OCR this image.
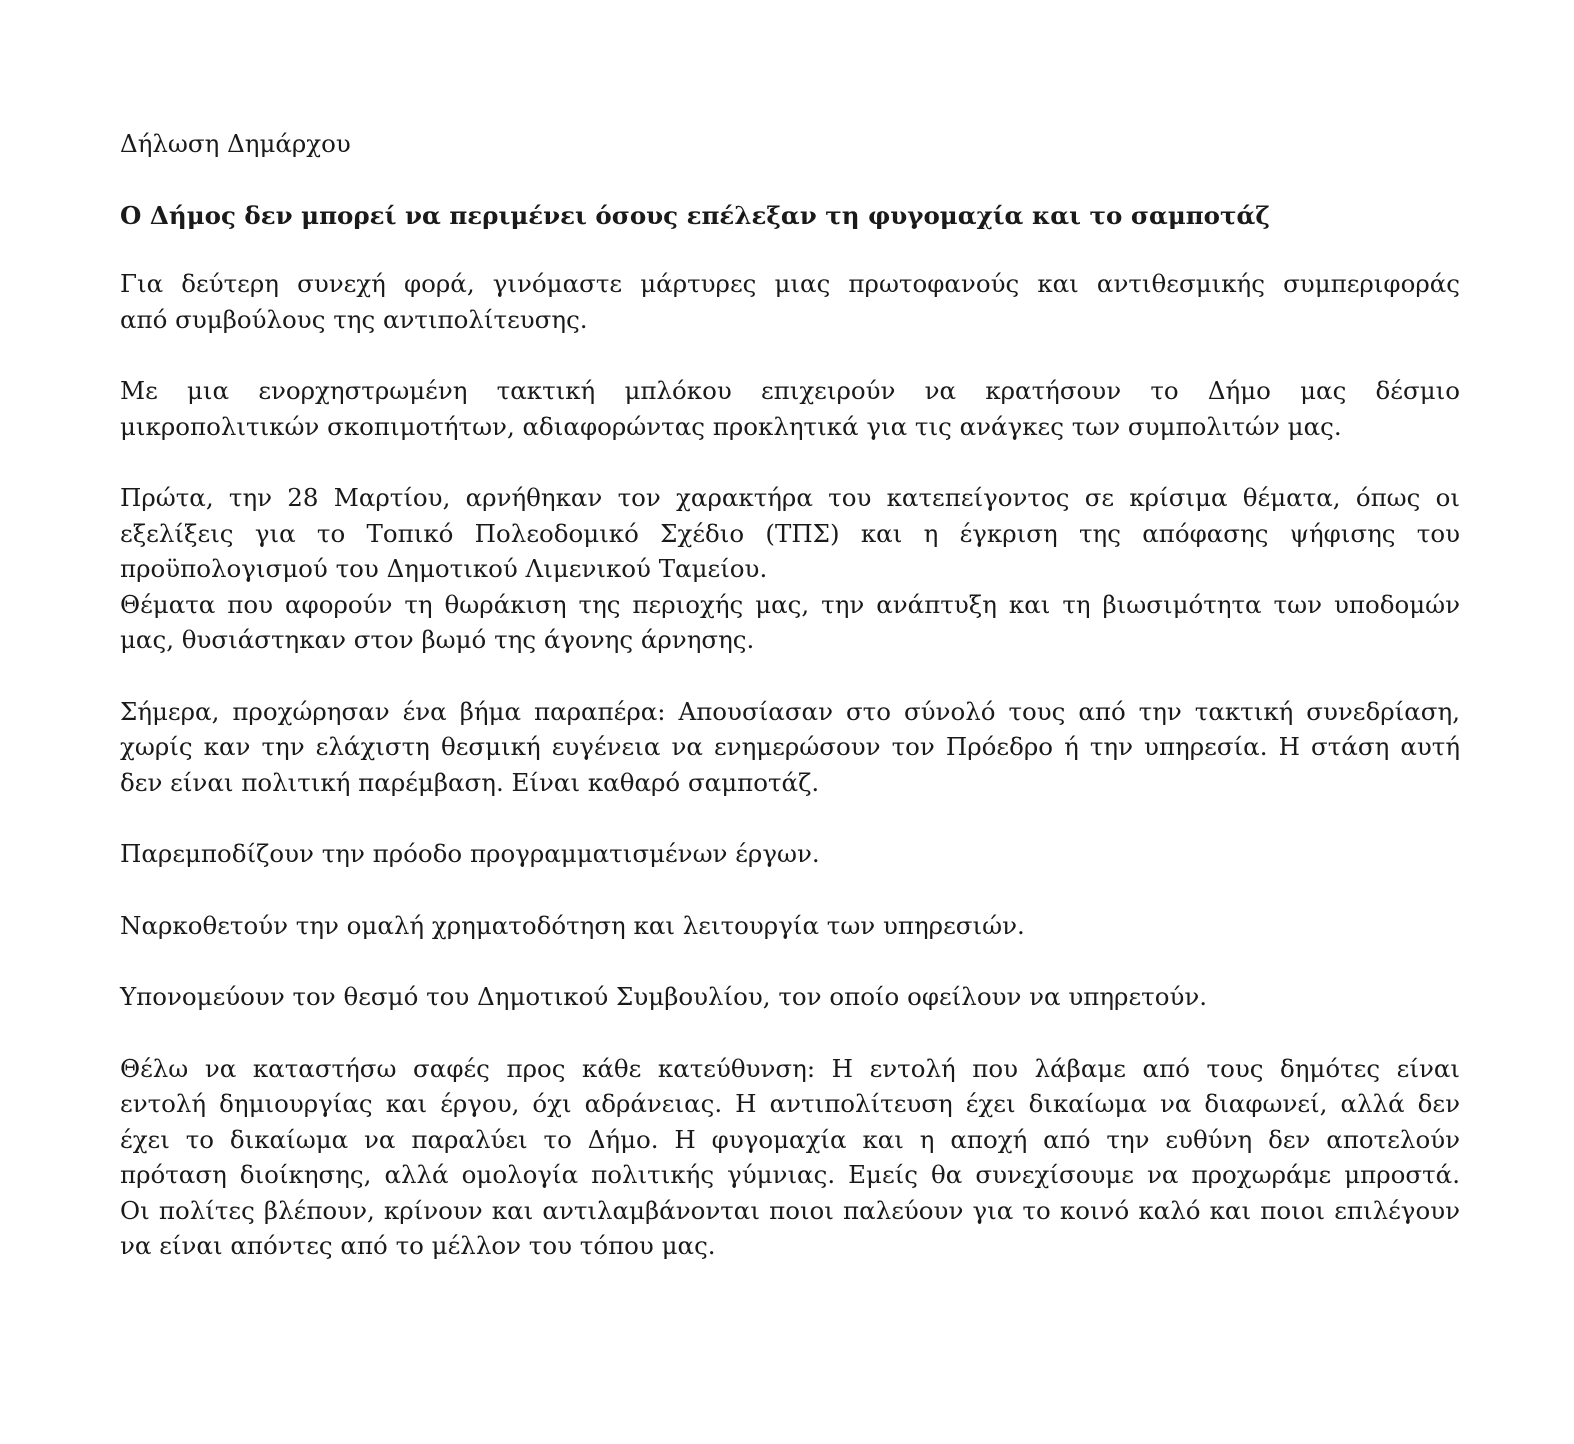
Δήλωση Δημάρχου

Ο Δήμος δεν μπορεί να περιμένει όσους επέλεξαν τη φυγομαχία και το σαμποτάζ

Για δεύτερη συνεχή φορά, γινόμαστε μάρτυρες μιας πρωτοφανούς και αντιθεσμικής συμπεριφοράς
από συμβούλους της αντιπολίτευσης.

Με μια ενορχηστρωμένη τακτική μπλόκου επιχειρούν να κρατήσουν το Δήμο μας δέσμιο
μικροπολιτικών σκοπιμοτήτων, αδιαφορώντας προκλητικά για τις ανάγκες των συμπολιτών μας.

Πρώτα, την 28 Μαρτίου, αρνήθηκαν τον χαρακτήρα του κατεπείγοντος σε κρίσιμα θέματα, όπως οι
εξελίξεις για το Τοπικό Πολεοδομικό Σχέδιο (ΤΠΣ) και η έγκριση της απόφασης ψήφισης του
προϋπολογισμού του Δημοτικού Λιμενικού Ταμείου.
Θέματα που αφορούν τη θωράκιση της περιοχής μας, την ανάπτυξη και τη βιωσιμότητα των υποδομών
μας, θυσιάστηκαν στον βωμό της άγονης άρνησης.

Σήμερα, προχώρησαν ένα βήμα παραπέρα: Απουσίασαν στο σύνολό τους από την τακτική συνεδρίαση,
χωρίς καν την ελάχιστη θεσμική ευγένεια να ενημερώσουν τον Πρόεδρο ή την υπηρεσία. Η στάση αυτή
δεν είναι πολιτική παρέμβαση. Είναι καθαρό σαμποτάζ.

Παρεμποδίζουν την πρόοδο προγραμματισμένων έργων.

Ναρκοθετούν την ομαλή χρηματοδότηση και λειτουργία των υπηρεσιών.

Υπονομεύουν τον θεσμό του Δημοτικού Συμβουλίου, τον οποίο οφείλουν να υπηρετούν.

Θέλω να καταστήσω σαφές προς κάθε κατεύθυνση: Η εντολή που λάβαμε από τους δημότες είναι
εντολή δημιουργίας και έργου, όχι αδράνειας. Η αντιπολίτευση έχει δικαίωμα να διαφωνεί, αλλά δεν
έχει το δικαίωμα να παραλύει το Δήμο. Η φυγομαχία και η αποχή από την ευθύνη δεν αποτελούν
πρόταση διοίκησης, αλλά ομολογία πολιτικής γύμνιας. Εμείς θα συνεχίσουμε να προχωράμε μπροστά.
Οι πολίτες βλέπουν, κρίνουν και αντιλαμβάνονται ποιοι παλεύουν για το κοινό καλό και ποιοι επιλέγουν
να είναι απόντες από το μέλλον του τόπου μας.
